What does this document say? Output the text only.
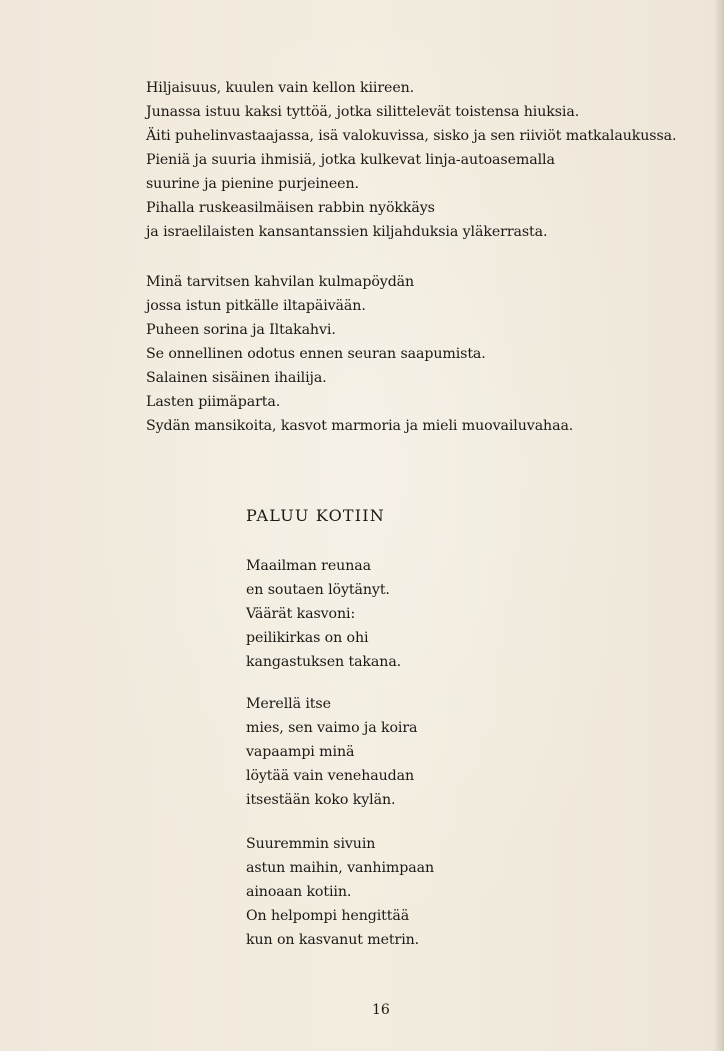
Hiljaisuus, kuulen vain kellon kiireen.
Junassa istuu kaksi tyttöä, jotka silittelevät toistensa hiuksia.
Äiti puhelinvastaajassa, isä valokuvissa, sisko ja sen riiviöt matkalaukussa.
Pieniä ja suuria ihmisiä, jotka kulkevat linja-autoasemalla
suurine ja pienine purjeineen.
Pihalla ruskeasilmäisen rabbin nyökkäys
ja israelilaisten kansantanssien kiljahduksia yläkerrasta.
Minä tarvitsen kahvilan kulmapöydän
jossa istun pitkälle iltapäivään.
Puheen sorina ja Iltakahvi.
Se onnellinen odotus ennen seuran saapumista.
Salainen sisäinen ihailija.
Lasten piimäparta.
Sydän mansikoita, kasvot marmoria ja mieli muovailuvahaa.
PALUU KOTIIN
Maailman reunaa
en soutaen löytänyt.
Väärät kasvoni:
peilikirkas on ohi
kangastuksen takana.
Merellä itse
mies, sen vaimo ja koira
vapaampi minä
löytää vain venehaudan
itsestään koko kylän.
Suuremmin sivuin
astun maihin, vanhimpaan
ainoaan kotiin.
On helpompi hengittää
kun on kasvanut metrin.
16
